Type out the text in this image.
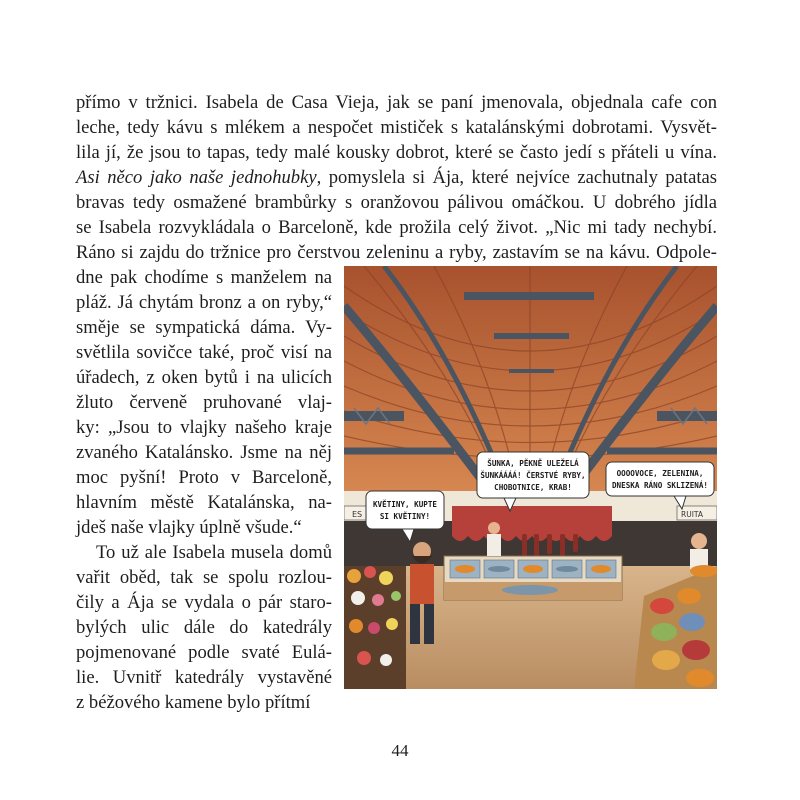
přímo v tržnici. Isabela de Casa Vieja, jak se paní jmenovala, objednala cafe con

leche, tedy kávu s mlékem a nespočet mističek s katalánskými dobrotami. Vysvět-

lila jí, že jsou to tapas, tedy malé kousky dobrot, které se často jedí s přáteli u vína.

Asi něco jako naše jednohubky, pomyslela si Ája, které nejvíce zachutnaly patatas

bravas tedy osmažené brambůrky s oranžovou pálivou omáčkou. U dobrého jídla

se Isabela rozvykládala o Barceloně, kde prožila celý život. „Nic mi tady nechybí.

Ráno si zajdu do tržnice pro čerstvou zeleninu a ryby, zastavím se na kávu. Odpole-

dne pak chodíme s manželem na

pláž. Já chytám bronz a on ryby,“

směje se sympatická dáma. Vy-

světlila sovičce také, proč visí na

úřadech, z oken bytů i na ulicích

žluto červeně pruhované vlaj-

ky: „Jsou to vlajky našeho kraje

zvaného Katalánsko. Jsme na něj

moc pyšní! Proto v Barceloně,

hlavním městě Katalánska, na-

jdeš naše vlajky úplně všude.“

To už ale Isabela musela domů

vařit oběd, tak se spolu rozlou-

čily a Ája se vydala o pár staro-

bylých ulic dále do katedrály

pojmenované podle svaté Eulá-

lie. Uvnitř katedrály vystavěné

z béžového kamene bylo přítmí

ES	RUITA
KVĚTINY, KUPTE
SI KVĚTINY!
ŠUNKA, PĚKNĚ ULEŽELÁ
ŠUNKÁÁÁÁ! ČERSTVÉ RYBY,
CHOBOTNICE, KRAB!
OOOOVOCE, ZELENINA,
DNESKA RÁNO SKLIZENÁ!
44
